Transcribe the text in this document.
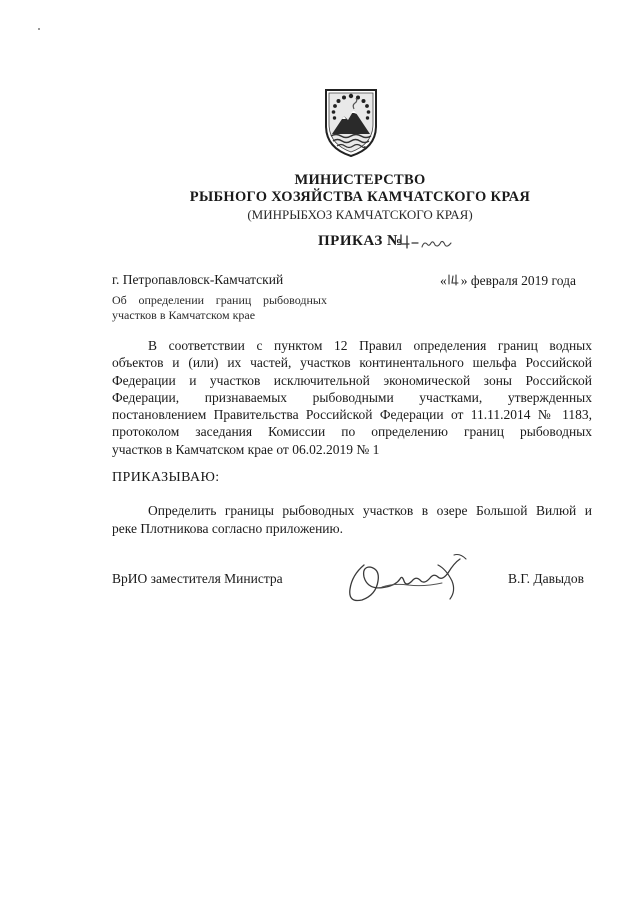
МИНИСТЕРСТВО
РЫБНОГО ХОЗЯЙСТВА КАМЧАТСКОГО КРАЯ
(МИНРЫБХОЗ КАМЧАТСКОГО КРАЯ)
ПРИКАЗ №
г. Петропавловск-Камчатский	« » февраля 2019 года
Об определении границ рыбоводных
участков в Камчатском крае
В соответствии с пунктом 12 Правил определения границ водных
объектов и (или) их частей, участков континентального шельфа Российской
Федерации и участков исключительной экономической зоны Российской
Федерации, признаваемых рыбоводными участками, утвержденных
постановлением Правительства Российской Федерации от 11.11.2014 № 1183,
протоколом заседания Комиссии по определению границ рыбоводных
участков в Камчатском крае от 06.02.2019 № 1
ПРИКАЗЫВАЮ:
Определить границы рыбоводных участков в озере Большой Вилюй и
реке Плотникова согласно приложению.
ВрИО заместителя Министра	В.Г. Давыдов
